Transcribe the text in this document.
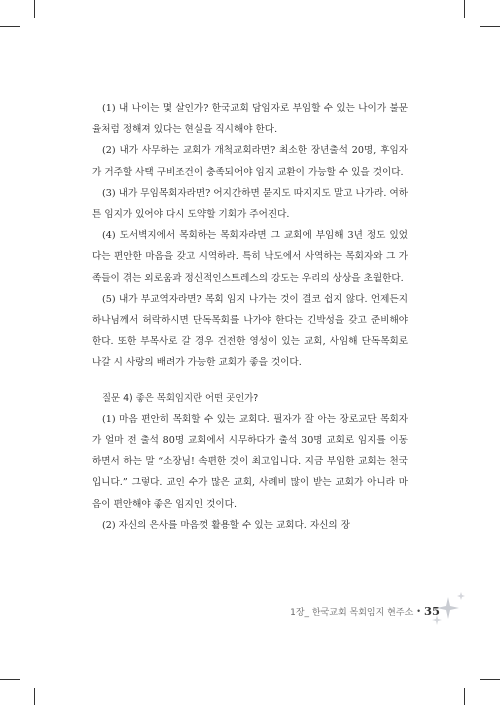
(1) 내 나이는 몇 살인가? 한국교회 담임자로 부임할 수 있는 나이가 불문율처럼 정해져 있다는 현실을 직시해야 한다.

(2) 내가 사무하는 교회가 개척교회라면? 최소한 장년출석 20명, 후임자가 거주할 사택 구비조건이 충족되어야 임지 교환이 가능할 수 있을 것이다.

(3) 내가 무임목회자라면? 어지간하면 묻지도 따지지도 말고 나가라. 여하튼 임지가 있어야 다시 도약할 기회가 주어진다.

(4) 도서벽지에서 목회하는 목회자라면 그 교회에 부임해 3년 정도 있었다는 편안한 마음을 갖고 시역하라. 특히 낙도에서 사역하는 목회자와 그 가족들이 겪는 외로움과 정신적인스트레스의 강도는 우리의 상상을 초월한다.

(5) 내가 부교역자라면? 목회 임지 나가는 것이 결코 쉽지 않다. 언제든지 하나님께서 허락하시면 단독목회를 나가야 한다는 긴박성을 갖고 준비해야 한다. 또한 부목사로 갈 경우 건전한 영성이 있는 교회, 사임해 단독목회로 나갈 시 사랑의 배려가 가능한 교회가 좋을 것이다.

질문 4) 좋은 목회임지란 어떤 곳인가?

(1) 마음 편안히 목회할 수 있는 교회다. 필자가 잘 아는 장로교단 목회자가 얼마 전 출석 80명 교회에서 시무하다가 출석 30명 교회로 임지를 이동하면서 하는 말 “소장님! 속편한 것이 최고입니다. 지금 부임한 교회는 천국입니다.” 그렇다. 교인 수가 많은 교회, 사례비 많이 받는 교회가 아니라 마음이 편안해야 좋은 임지인 것이다.

(2) 자신의 은사를 마음껏 활용할 수 있는 교회다. 자신의 장

1장_ 한국교회 목회임지 현주소 • 35
